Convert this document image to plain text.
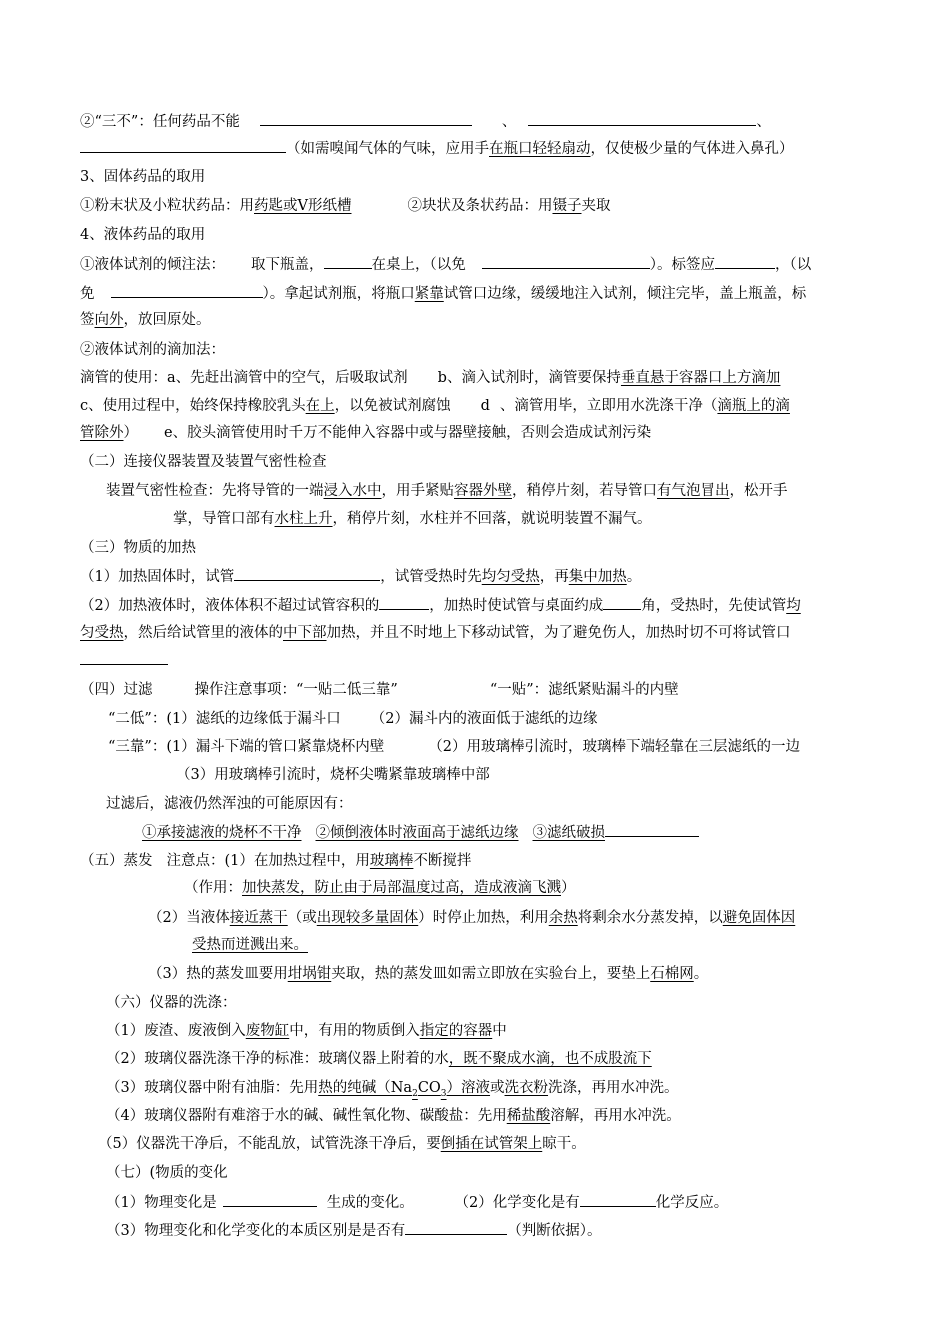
②“三不”：任何药品不能	、	、
（如需嗅闻气体的气味，应用手在瓶口轻轻扇动，仅使极少量的气体进入鼻孔）
3、固体药品的取用
①粉末状及小粒状药品：用药匙或V形纸槽	②块状及条状药品：用镊子夹取
4、液体药品的取用
①液体试剂的倾注法： 取下瓶盖，	在桌上，（以免	）。标签应	，（以
免	）。拿起试剂瓶，将瓶口紧靠试管口边缘，缓缓地注入试剂，倾注完毕，盖上瓶盖，标
签向外，放回原处。
②液体试剂的滴加法：
滴管的使用：a、先赶出滴管中的空气，后吸取试剂 b、滴入试剂时，滴管要保持垂直悬于容器口上方滴加
c、使用过程中，始终保持橡胶乳头在上，以免被试剂腐蚀 d 、滴管用毕，立即用水洗涤干净（滴瓶上的滴
管除外） e、胶头滴管使用时千万不能伸入容器中或与器壁接触，否则会造成试剂污染
（二）连接仪器装置及装置气密性检查
装置气密性检查：先将导管的一端浸入水中，用手紧贴容器外壁，稍停片刻，若导管口有气泡冒出，松开手
掌，导管口部有水柱上升，稍停片刻，水柱并不回落，就说明装置不漏气。
（三）物质的加热
（1）加热固体时，试管	，试管受热时先均匀受热，再集中加热。
（2）加热液体时，液体体积不超过试管容积的	，加热时使试管与桌面约成	角，受热时，先使试管均
匀受热，然后给试管里的液体的中下部加热，并且不时地上下移动试管，为了避免伤人，加热时切不可将试管口
（四）过滤	操作注意事项：“一贴二低三靠”	“一贴”：滤纸紧贴漏斗的内壁
“二低”：(1）滤纸的边缘低于漏斗口 （2）漏斗内的液面低于滤纸的边缘
“三靠”：(1）漏斗下端的管口紧靠烧杯内壁	（2）用玻璃棒引流时，玻璃棒下端轻靠在三层滤纸的一边
（3）用玻璃棒引流时，烧杯尖嘴紧靠玻璃棒中部
过滤后，滤液仍然浑浊的可能原因有：
①承接滤液的烧杯不干净 ②倾倒液体时液面高于滤纸边缘 ③滤纸破损
（五）蒸发 注意点：(1）在加热过程中，用玻璃棒不断搅拌
（作用：加快蒸发，防止由于局部温度过高，造成液滴飞溅）
（2）当液体接近蒸干（或出现较多量固体）时停止加热，利用余热将剩余水分蒸发掉，以避免固体因
受热而迸溅出来。
（3）热的蒸发皿要用坩埚钳夹取，热的蒸发皿如需立即放在实验台上，要垫上石棉网。
（六）仪器的洗涤：
（1）废渣、废液倒入废物缸中，有用的物质倒入指定的容器中
（2）玻璃仪器洗涤干净的标准：玻璃仪器上附着的水，既不聚成水滴，也不成股流下
（3）玻璃仪器中附有油脂：先用热的纯碱$(Na_2CO_3)$溶液或洗衣粉洗涤，再用水冲洗。
（4）玻璃仪器附有难溶于水的碱、碱性氧化物、碳酸盐：先用稀盐酸溶解，再用水冲洗。
（5）仪器洗干净后，不能乱放，试管洗涤干净后，要倒插在试管架上晾干。
（七）(物质的变化
（1）物理变化是	生成的变化。	（2）化学变化是有	化学反应。
（3）物理变化和化学变化的本质区别是是否有	（判断依据）。
